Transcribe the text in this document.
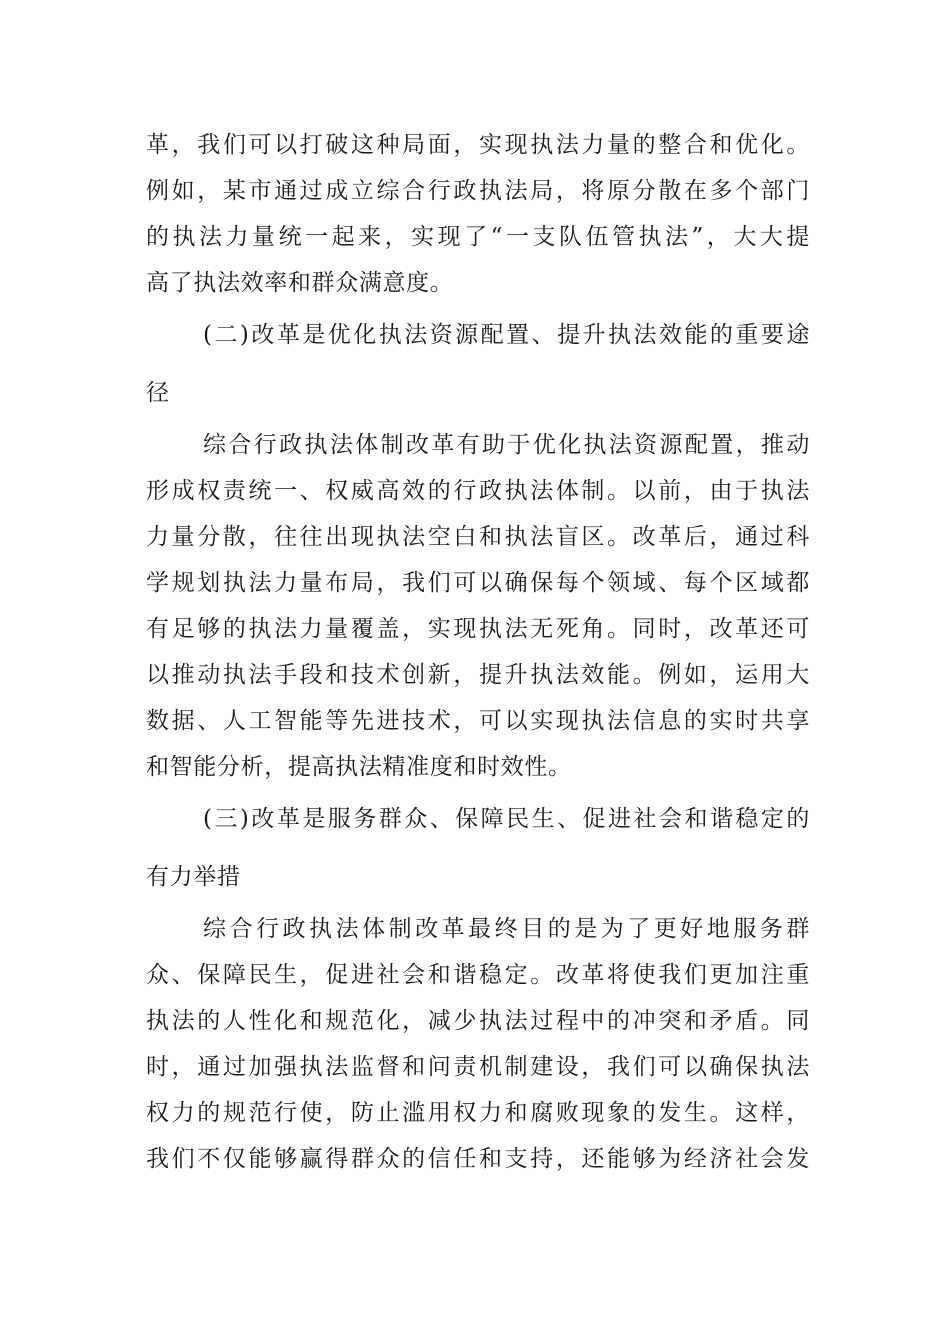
革，我们可以打破这种局面，实现执法力量的整合和优化。
例如，某市通过成立综合行政执法局，将原分散在多个部门
的执法力量统一起来，实现了“一支队伍管执法”，大大提
高了执法效率和群众满意度。
(二)改革是优化执法资源配置、提升执法效能的重要途
径
综合行政执法体制改革有助于优化执法资源配置，推动
形成权责统一、权威高效的行政执法体制。以前，由于执法
力量分散，往往出现执法空白和执法盲区。改革后，通过科
学规划执法力量布局，我们可以确保每个领域、每个区域都
有足够的执法力量覆盖，实现执法无死角。同时，改革还可
以推动执法手段和技术创新，提升执法效能。例如，运用大
数据、人工智能等先进技术，可以实现执法信息的实时共享
和智能分析，提高执法精准度和时效性。
(三)改革是服务群众、保障民生、促进社会和谐稳定的
有力举措
综合行政执法体制改革最终目的是为了更好地服务群
众、保障民生，促进社会和谐稳定。改革将使我们更加注重
执法的人性化和规范化，减少执法过程中的冲突和矛盾。同
时，通过加强执法监督和问责机制建设，我们可以确保执法
权力的规范行使，防止滥用权力和腐败现象的发生。这样，
我们不仅能够赢得群众的信任和支持，还能够为经济社会发
